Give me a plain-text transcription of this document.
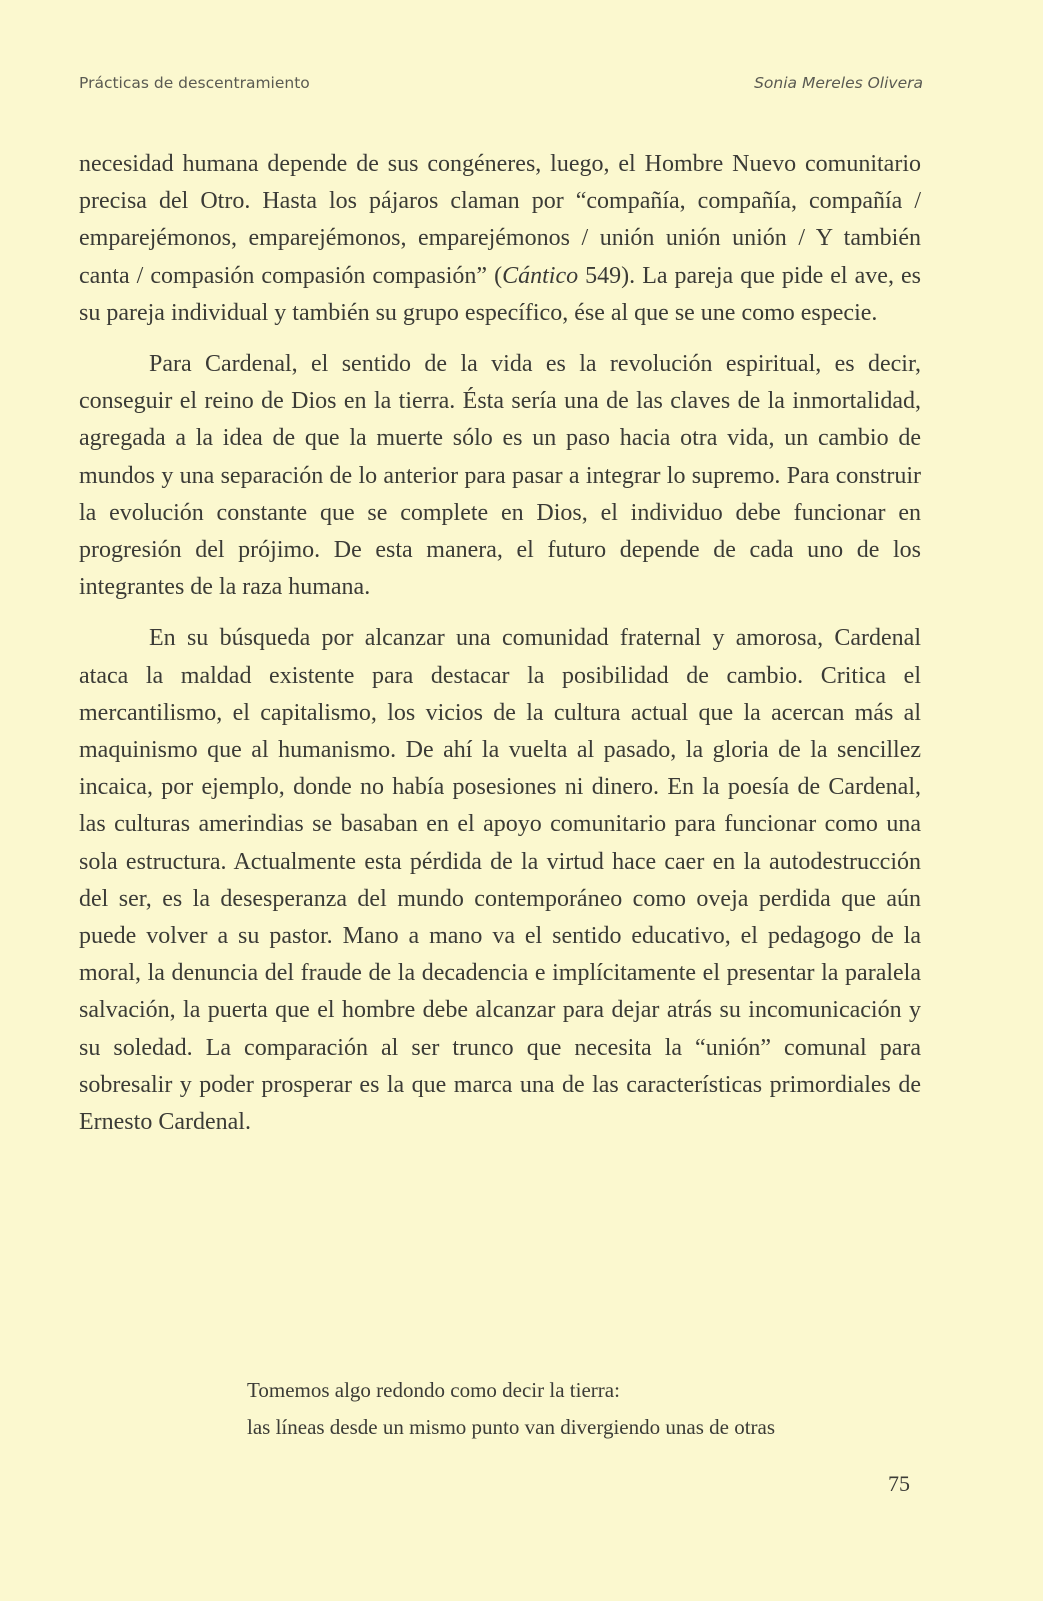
Prácticas de descentramiento	Sonia Mereles Olivera

necesidad humana depende de sus congéneres, luego, el Hombre Nuevo comunitario precisa del Otro. Hasta los pájaros claman por “compañía, compañía, compañía / emparejémonos, emparejémonos, emparejémonos / unión unión unión / Y también canta / compasión compasión compasión” (Cántico 549). La pareja que pide el ave, es su pareja individual y también su grupo específico, ése al que se une como especie.

Para Cardenal, el sentido de la vida es la revolución espiritual, es decir, conseguir el reino de Dios en la tierra. Ésta sería una de las claves de la inmortalidad, agregada a la idea de que la muerte sólo es un paso hacia otra vida, un cambio de mundos y una separación de lo anterior para pasar a integrar lo supremo. Para construir la evolución constante que se complete en Dios, el individuo debe funcionar en progresión del prójimo. De esta manera, el futuro depende de cada uno de los integrantes de la raza humana.

En su búsqueda por alcanzar una comunidad fraternal y amorosa, Cardenal ataca la maldad existente para destacar la posibilidad de cambio. Critica el mercantilismo, el capitalismo, los vicios de la cultura actual que la acercan más al maquinismo que al humanismo. De ahí la vuelta al pasado, la gloria de la sencillez incaica, por ejemplo, donde no había posesiones ni dinero. En la poesía de Cardenal, las culturas amerindias se basaban en el apoyo comunitario para funcionar como una sola estructura. Actualmente esta pérdida de la virtud hace caer en la autodestrucción del ser, es la desesperanza del mundo contemporáneo como oveja perdida que aún puede volver a su pastor. Mano a mano va el sentido educativo, el pedagogo de la moral, la denuncia del fraude de la decadencia e implícitamente el presentar la paralela salvación, la puerta que el hombre debe alcanzar para dejar atrás su incomunicación y su soledad. La comparación al ser trunco que necesita la “unión” comunal para sobresalir y poder prosperar es la que marca una de las características primordiales de Ernesto Cardenal.

Tomemos algo redondo como decir la tierra:
las líneas desde un mismo punto van divergiendo unas de otras
75
